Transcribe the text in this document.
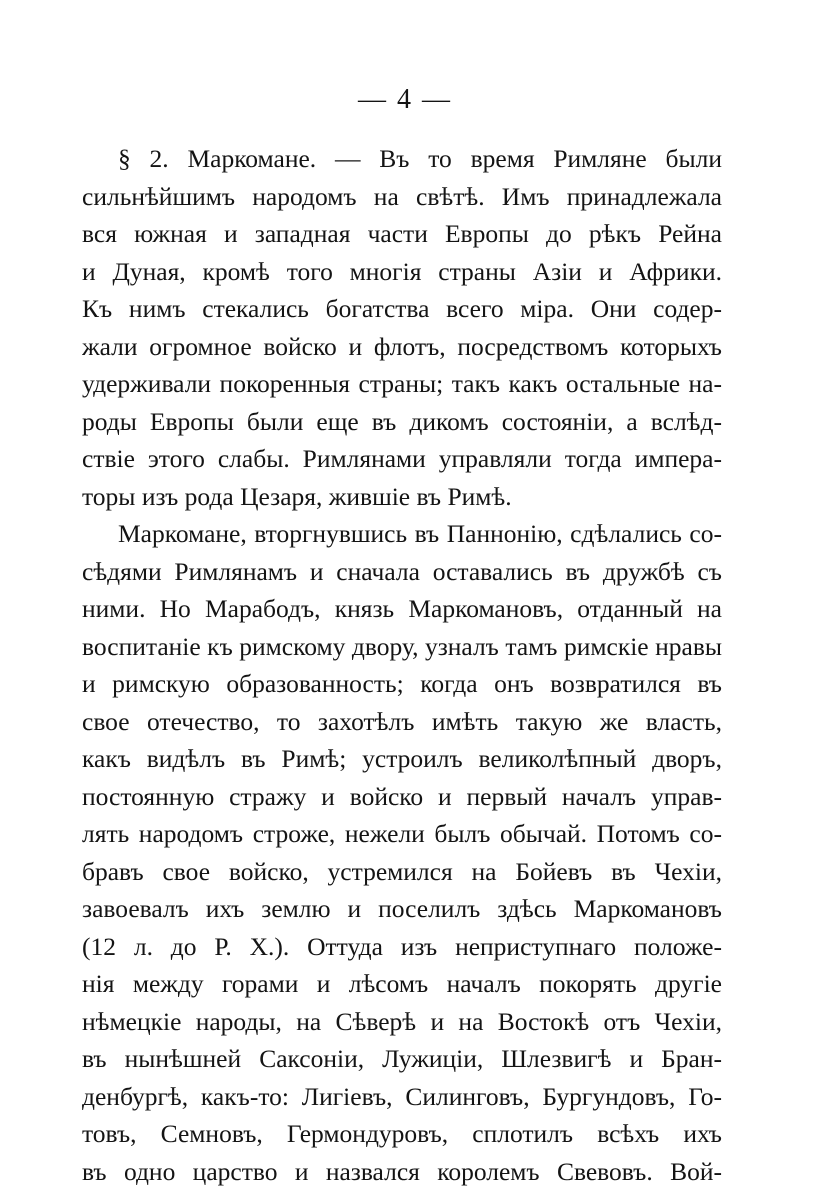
— 4 —
§ 2. Маркомане. — Въ то время Римляне были
сильнѣйшимъ народомъ на свѣтѣ. Имъ принадлежала
вся южная и западная части Европы до рѣкъ Рейна
и Дуная, кромѣ того многія страны Азіи и Африки.
Къ нимъ стекались богатства всего міра. Они содер-
жали огромное войско и флотъ, посредствомъ которыхъ
удерживали покоренныя страны; такъ какъ остальные на-
роды Европы были еще въ дикомъ состояніи, а вслѣд-
ствіе этого слабы. Римлянами управляли тогда импера-
торы изъ рода Цезаря, жившіе въ Римѣ.
Маркомане, вторгнувшись въ Паннонію, сдѣлались со-
сѣдями Римлянамъ и сначала оставались въ дружбѣ съ
ними. Но Марабодъ, князь Маркомановъ, отданный на
воспитаніе къ римскому двору, узналъ тамъ римскіе нравы
и римскую образованность; когда онъ возвратился въ
свое отечество, то захотѣлъ имѣть такую же власть,
какъ видѣлъ въ Римѣ; устроилъ великолѣпный дворъ,
постоянную стражу и войско и первый началъ управ-
лять народомъ строже, нежели былъ обычай. Потомъ со-
бравъ свое войско, устремился на Бойевъ въ Чехіи,
завоевалъ ихъ землю и поселилъ здѣсь Маркомановъ
(12 л. до Р. Х.). Оттуда изъ неприступнаго положе-
нія между горами и лѣсомъ началъ покорять другіе
нѣмецкіе народы, на Сѣверѣ и на Востокѣ отъ Чехіи,
въ нынѣшней Саксоніи, Лужиціи, Шлезвигѣ и Бран-
денбургѣ, какъ-то: Лигіевъ, Силинговъ, Бургундовъ, Го-
товъ, Семновъ, Гермондуровъ, сплотилъ всѣхъ ихъ
въ одно царство и назвался королемъ Свевовъ. Вой-
